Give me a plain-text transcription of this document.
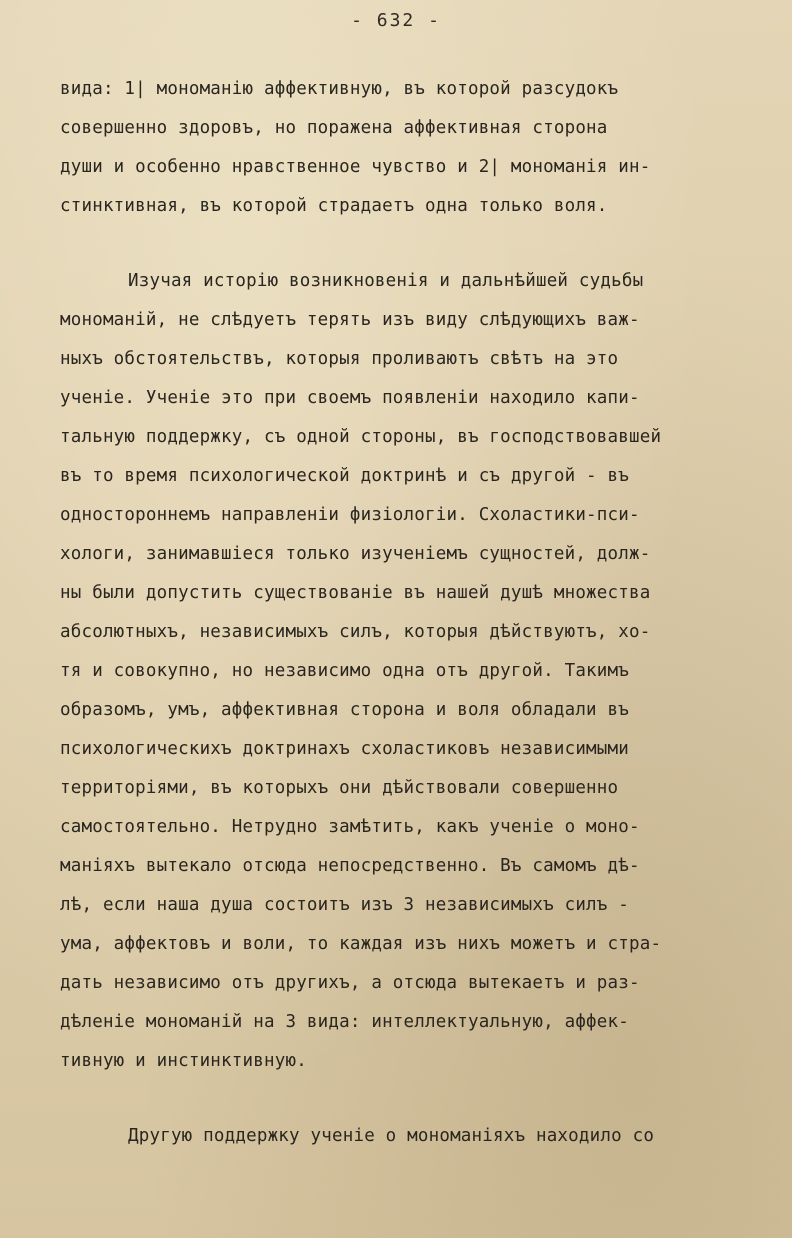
- 632 -
вида: 1| мономанію аффективную, въ которой разсудокъ
совершенно здоровъ, но поражена аффективная сторона
души и особенно нравственное чувство и 2| мономанія ин-
стинктивная, въ которой страдаетъ одна только воля.
Изучая исторію возникновенія и дальнѣйшей судьбы
мономаній, не слѣдуетъ терять изъ виду слѣдующихъ важ-
ныхъ обстоятельствъ, которыя проливаютъ свѣтъ на это
ученіе. Ученіе это при своемъ появленіи находило капи-
тальную поддержку, съ одной стороны, въ господствовавшей
въ то время психологической доктринѣ и съ другой - въ
одностороннемъ направленіи физіологіи. Схоластики-пси-
хологи, занимавшіеся только изученіемъ сущностей, долж-
ны были допустить существованіе въ нашей душѣ множества
абсолютныхъ, независимыхъ силъ, которыя дѣйствуютъ, хо-
тя и совокупно, но независимо одна отъ другой. Такимъ
образомъ, умъ, аффективная сторона и воля обладали въ
психологическихъ доктринахъ схоластиковъ независимыми
территоріями, въ которыхъ они дѣйствовали совершенно
самостоятельно. Нетрудно замѣтить, какъ ученіе о моно-
маніяхъ вытекало отсюда непосредственно. Въ самомъ дѣ-
лѣ, если наша душа состоитъ изъ 3 независимыхъ силъ -
ума, аффектовъ и воли, то каждая изъ нихъ можетъ и стра-
дать независимо отъ другихъ, а отсюда вытекаетъ и раз-
дѣленіе мономаній на 3 вида: интеллектуальную, аффек-
тивную и инстинктивную.
Другую поддержку ученіе о мономаніяхъ находило со
